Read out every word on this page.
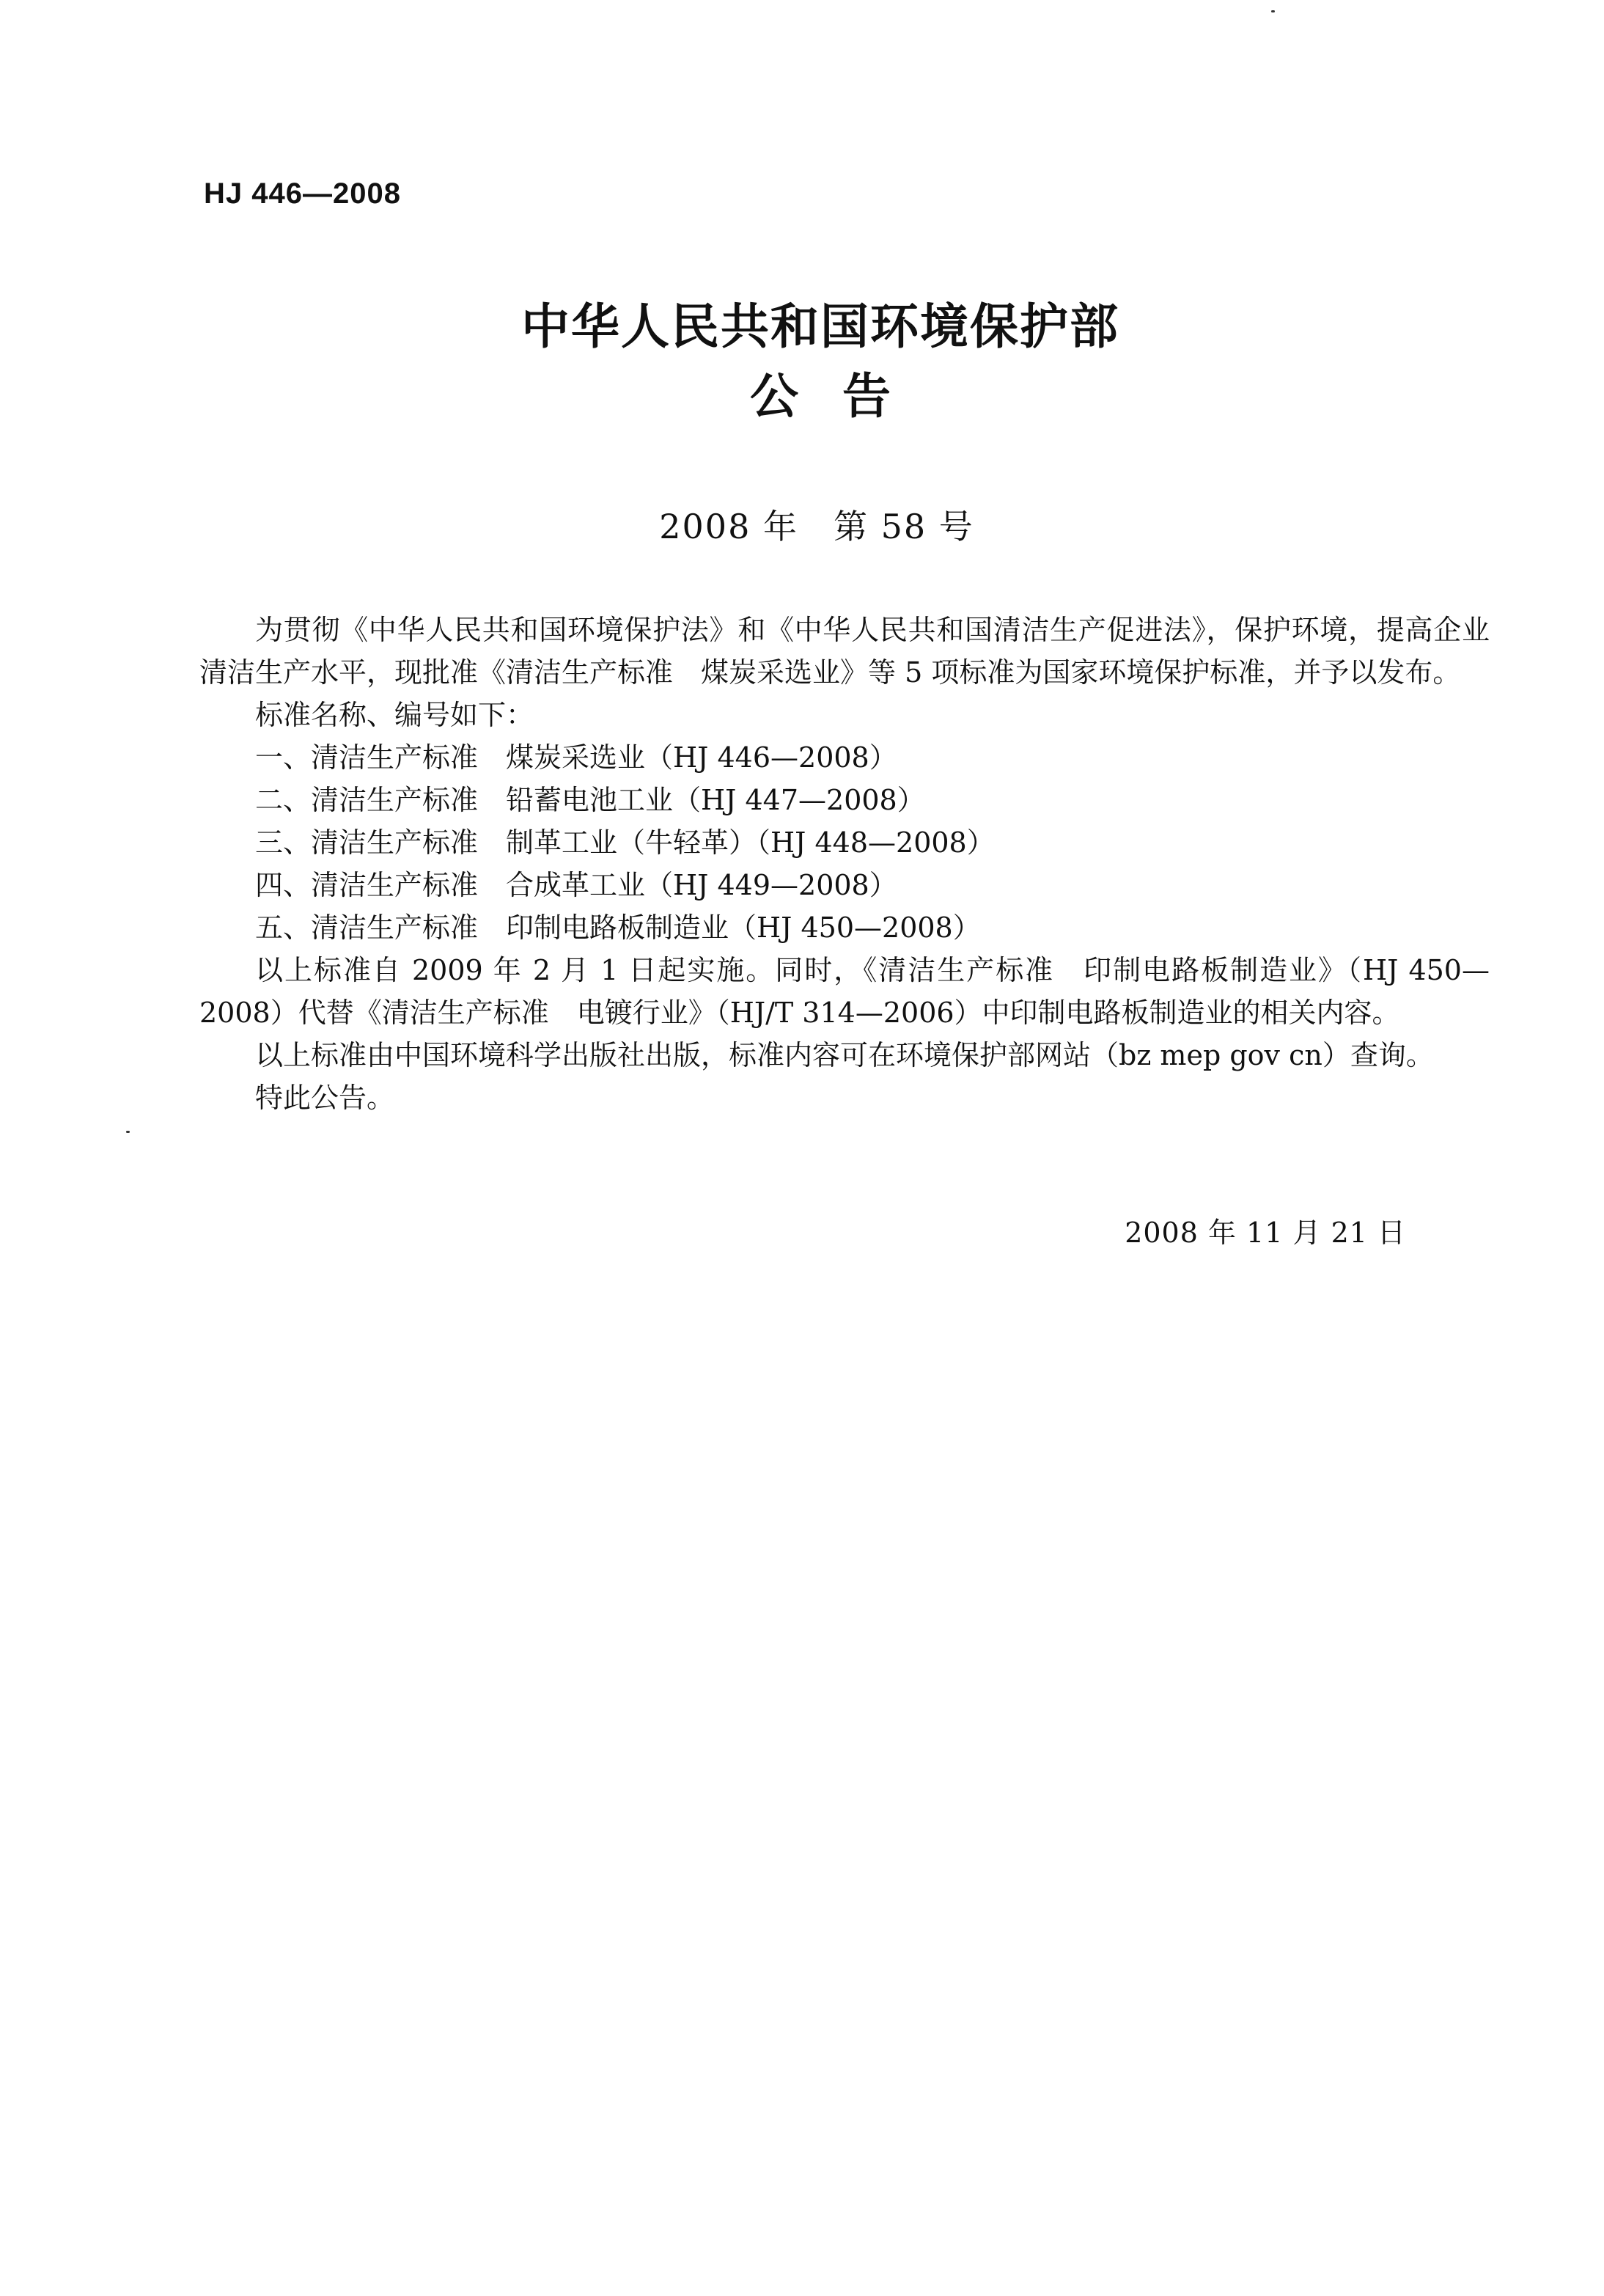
HJ 446—2008
中华人民共和国环境保护部
公告
2008 年　第 58 号

为贯彻《中华人民共和国环境保护法》和《中华人民共和国清洁生产促进法》，保护环境，提高企业清洁生产水平，现批准《清洁生产标准　煤炭采选业》等 5 项标准为国家环境保护标准，并予以发布。

标准名称、编号如下：

一、清洁生产标准 煤炭采选业（HJ 446—2008）

二、清洁生产标准 铅蓄电池工业（HJ 447—2008）

三、清洁生产标准 制革工业（牛轻革）（HJ 448—2008）

四、清洁生产标准 合成革工业（HJ 449—2008）

五、清洁生产标准 印制电路板制造业（HJ 450—2008）

以上标准自 2009 年 2 月 1 日起实施。同时，《清洁生产标准　印制电路板制造业》（HJ 450—2008）代替《清洁生产标准　电镀行业》（HJ/T 314—2006）中印制电路板制造业的相关内容。

以上标准由中国环境科学出版社出版，标准内容可在环境保护部网站（bz mep gov cn）查询。

特此公告。

2008 年 11 月 21 日
